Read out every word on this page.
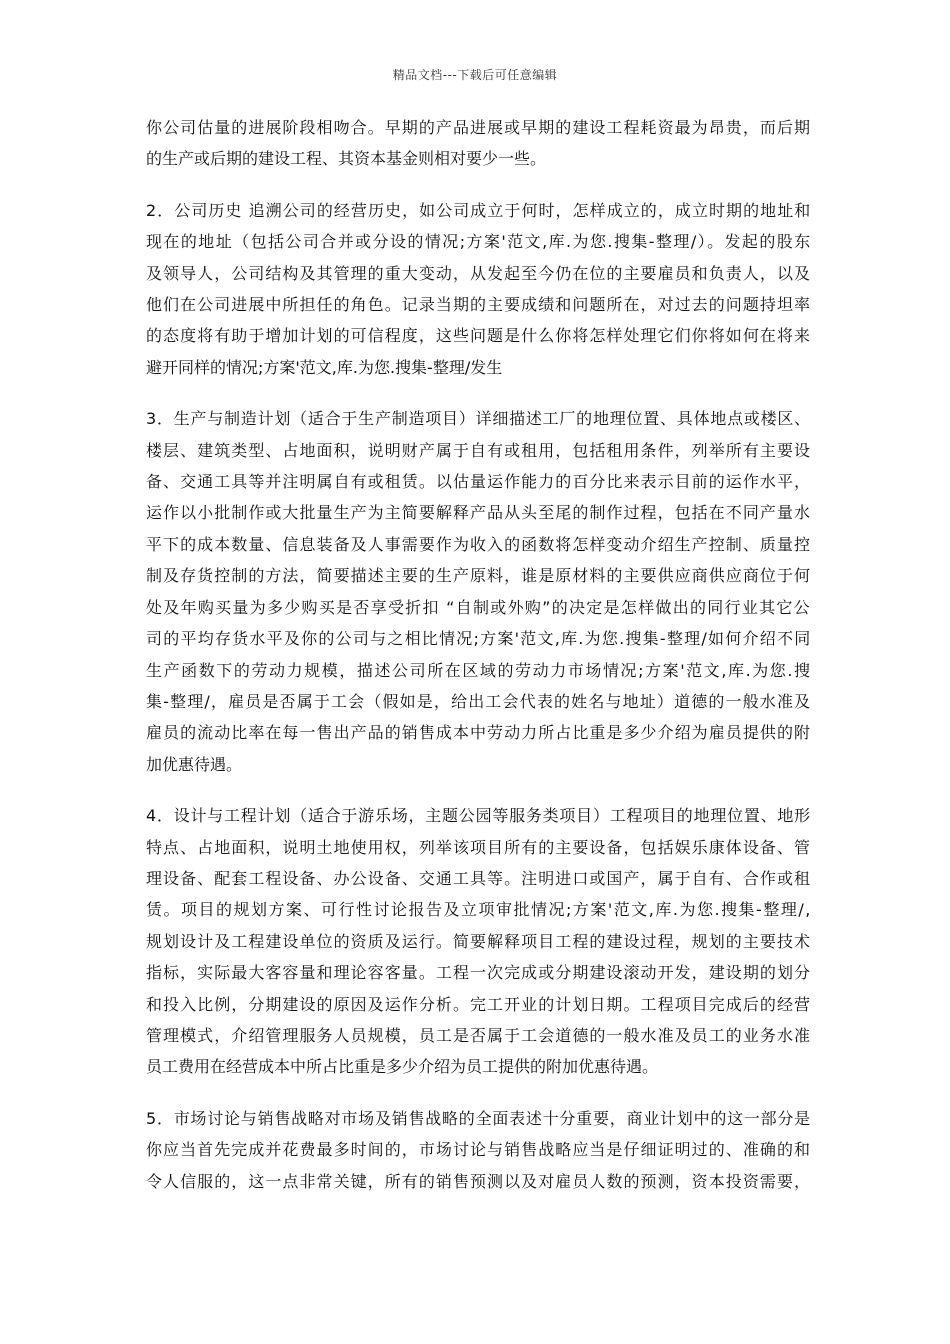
精品文档---下载后可任意编辑
你公司估量的进展阶段相吻合。早期的产品进展或早期的建设工程耗资最为昂贵，而后期
的生产或后期的建设工程、其资本基金则相对要少一些。
2．公司历史 追溯公司的经营历史，如公司成立于何时，怎样成立的，成立时期的地址和
现在的地址（包括公司合并或分设的情况;方案'范文,库.为您.搜集-整理/）。发起的股东
及领导人，公司结构及其管理的重大变动，从发起至今仍在位的主要雇员和负责人，以及
他们在公司进展中所担任的角色。记录当期的主要成绩和问题所在，对过去的问题持坦率
的态度将有助于增加计划的可信程度，这些问题是什么你将怎样处理它们你将如何在将来
避开同样的情况;方案'范文,库.为您.搜集-整理/发生
3．生产与制造计划（适合于生产制造项目）详细描述工厂的地理位置、具体地点或楼区、
楼层、建筑类型、占地面积，说明财产属于自有或租用，包括租用条件，列举所有主要设
备、交通工具等并注明属自有或租赁。以估量运作能力的百分比来表示目前的运作水平，
运作以小批制作或大批量生产为主简要解释产品从头至尾的制作过程，包括在不同产量水
平下的成本数量、信息装备及人事需要作为收入的函数将怎样变动介绍生产控制、质量控
制及存货控制的方法，简要描述主要的生产原料，谁是原材料的主要供应商供应商位于何
处及年购买量为多少购买是否享受折扣 “自制或外购”的决定是怎样做出的同行业其它公
司的平均存货水平及你的公司与之相比情况;方案'范文,库.为您.搜集-整理/如何介绍不同
生产函数下的劳动力规模，描述公司所在区域的劳动力市场情况;方案'范文,库.为您.搜
集-整理/，雇员是否属于工会（假如是，给出工会代表的姓名与地址）道德的一般水准及
雇员的流动比率在每一售出产品的销售成本中劳动力所占比重是多少介绍为雇员提供的附
加优惠待遇。
4．设计与工程计划（适合于游乐场，主题公园等服务类项目）工程项目的地理位置、地形
特点、占地面积，说明土地使用权，列举该项目所有的主要设备，包括娱乐康体设备、管
理设备、配套工程设备、办公设备、交通工具等。注明进口或国产，属于自有、合作或租
赁。项目的规划方案、可行性讨论报告及立项审批情况;方案'范文,库.为您.搜集-整理/,
规划设计及工程建设单位的资质及运行。简要解释项目工程的建设过程，规划的主要技术
指标，实际最大客容量和理论容客量。工程一次完成或分期建设滚动开发，建设期的划分
和投入比例，分期建设的原因及运作分析。完工开业的计划日期。工程项目完成后的经营
管理模式，介绍管理服务人员规模，员工是否属于工会道德的一般水准及员工的业务水准
员工费用在经营成本中所占比重是多少介绍为员工提供的附加优惠待遇。
5．市场讨论与销售战略对市场及销售战略的全面表述十分重要，商业计划中的这一部分是
你应当首先完成并花费最多时间的，市场讨论与销售战略应当是仔细证明过的、准确的和
令人信服的，这一点非常关键，所有的销售预测以及对雇员人数的预测，资本投资需要，
